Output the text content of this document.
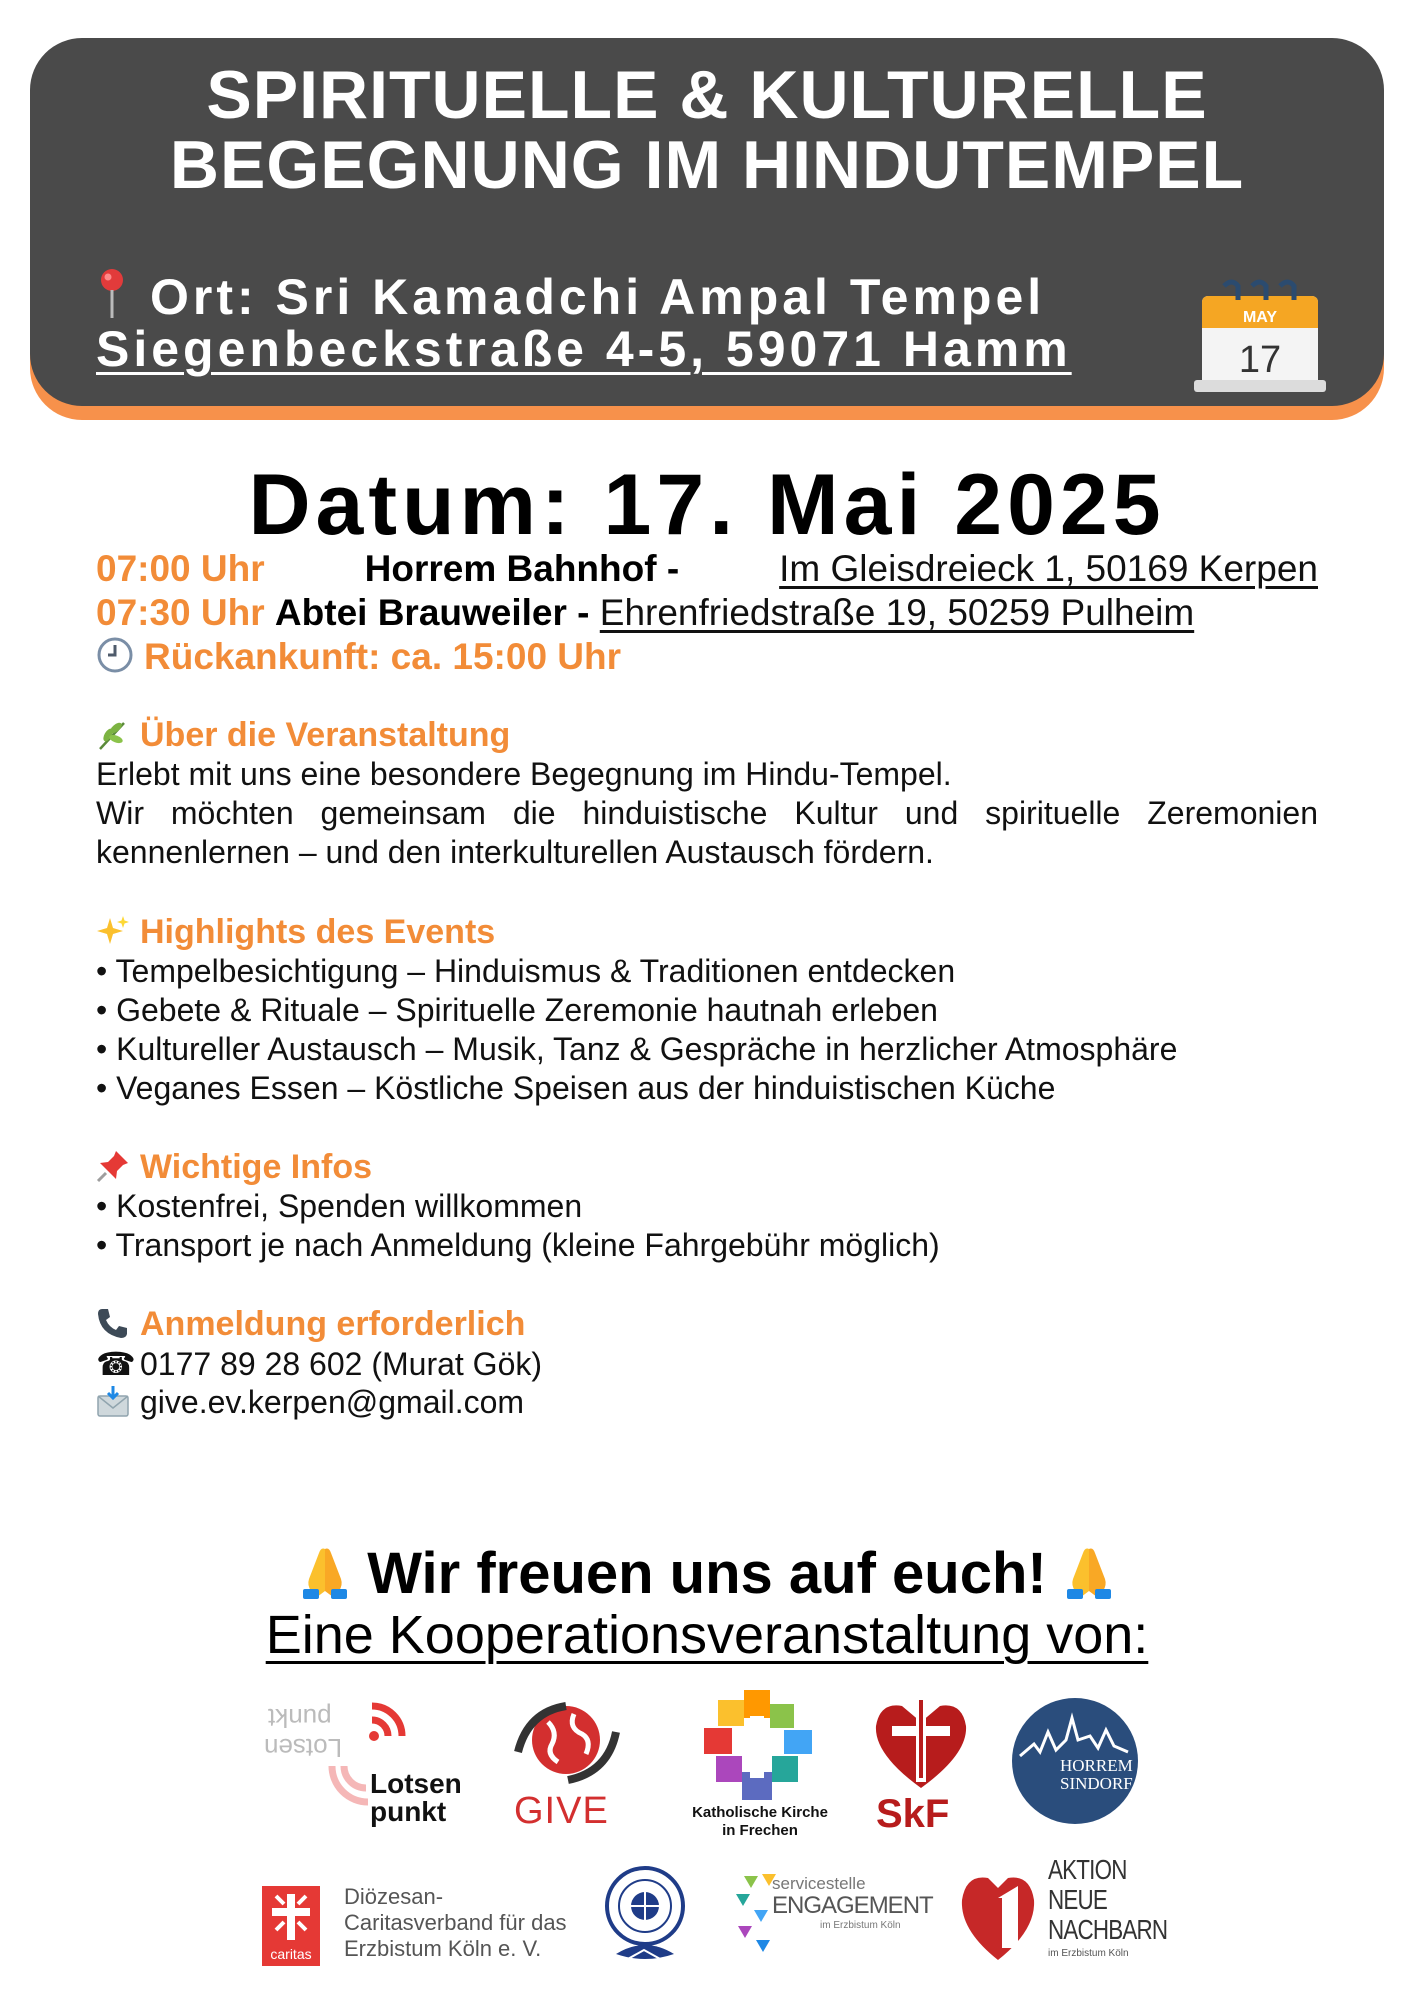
SPIRITUELLE & KULTURELLE
BEGEGNUNG IM HINDUTEMPEL
Ort: Sri Kamadchi Ampal Tempel
Siegenbeckstraße 4-5, 59071 Hamm
MAY
17
Datum: 17. Mai 2025
07:00 Uhr	Horrem Bahnhof -	Im Gleisdreieck 1, 50169 Kerpen
07:30 Uhr Abtei Brauweiler - Ehrenfriedstraße 19, 50259 Pulheim
Rückankunft: ca. 15:00 Uhr
Über die Veranstaltung
Erlebt mit uns eine besondere Begegnung im Hindu-Tempel.
Wir möchten gemeinsam die hinduistische Kultur und spirituelle Zeremonien
kennenlernen – und den interkulturellen Austausch fördern.
Highlights des Events
• Tempelbesichtigung – Hinduismus & Traditionen entdecken
• Gebete & Rituale – Spirituelle Zeremonie hautnah erleben
• Kultureller Austausch – Musik, Tanz & Gespräche in herzlicher Atmosphäre
• Veganes Essen – Köstliche Speisen aus der hinduistischen Küche
Wichtige Infos
• Kostenfrei, Spenden willkommen
• Transport je nach Anmeldung (kleine Fahrgebühr möglich)
Anmeldung erforderlich
☎ 0177 89 28 602 (Murat Gök)
give.ev.kerpen@gmail.com
Wir freuen uns auf euch!
Eine Kooperationsveranstaltung von:
punkt
Lotsen
Lotsen
punkt GIVE	Katholische Kirche
in Frechen	SkF
HORREM
SINDORF
caritas
Diözesan-
Caritasverband für das
Erzbistum Köln e. V.
servicestelle
ENGAGEMENT
im Erzbistum Köln
AKTION
NEUE
NACHBARN
im Erzbistum Köln
